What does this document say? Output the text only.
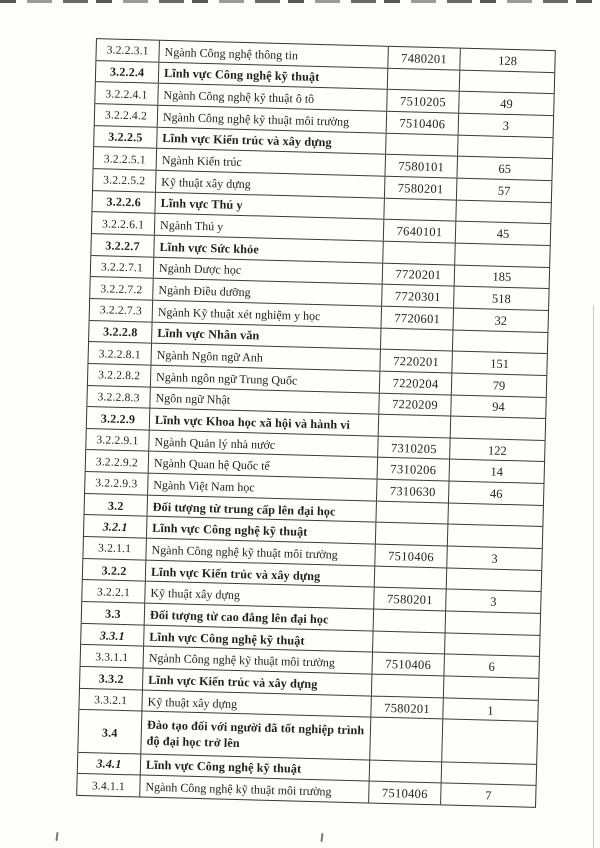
3.2.2.3.1	Ngành Công nghệ thông tin	7480201	128
3.2.2.4	Lĩnh vực Công nghệ kỹ thuật
3.2.2.4.1	Ngành Công nghệ kỹ thuật ô tô	7510205	49
3.2.2.4.2	Ngành Công nghệ kỹ thuật môi trường	7510406	3
3.2.2.5	Lĩnh vực Kiến trúc và xây dựng
3.2.2.5.1	Ngành Kiến trúc	7580101	65
3.2.2.5.2	Kỹ thuật xây dựng	7580201	57
3.2.2.6	Lĩnh vực Thú y
3.2.2.6.1	Ngành Thú y	7640101	45
3.2.2.7	Lĩnh vực Sức khỏe
3.2.2.7.1	Ngành Dược học	7720201	185
3.2.2.7.2	Ngành Điều dưỡng	7720301	518
3.2.2.7.3	Ngành Kỹ thuật xét nghiệm y học	7720601	32
3.2.2.8	Lĩnh vực Nhân văn
3.2.2.8.1	Ngành Ngôn ngữ Anh	7220201	151
3.2.2.8.2	Ngành ngôn ngữ Trung Quốc	7220204	79
3.2.2.8.3	Ngôn ngữ Nhật	7220209	94
3.2.2.9	Lĩnh vực Khoa học xã hội và hành vi
3.2.2.9.1	Ngành Quản lý nhà nước	7310205	122
3.2.2.9.2	Ngành Quan hệ Quốc tế	7310206	14
3.2.2.9.3	Ngành Việt Nam học	7310630	46
3.2	Đối tượng từ trung cấp lên đại học
3.2.1	Lĩnh vực Công nghệ kỹ thuật
3.2.1.1	Ngành Công nghệ kỹ thuật môi trường	7510406	3
3.2.2	Lĩnh vực Kiến trúc và xây dựng
3.2.2.1	Kỹ thuật xây dựng	7580201	3
3.3	Đối tượng từ cao đẳng lên đại học
3.3.1	Lĩnh vực Công nghệ kỹ thuật
3.3.1.1	Ngành Công nghệ kỹ thuật môi trường	7510406	6
3.3.2	Lĩnh vực Kiến trúc và xây dựng
3.3.2.1	Kỹ thuật xây dựng	7580201	1
3.4	Đào tạo đối với người đã tốt nghiệp trình
độ đại học trở lên
3.4.1	Lĩnh vực Công nghệ kỹ thuật
3.4.1.1	Ngành Công nghệ kỹ thuật môi trường	7510406	7
